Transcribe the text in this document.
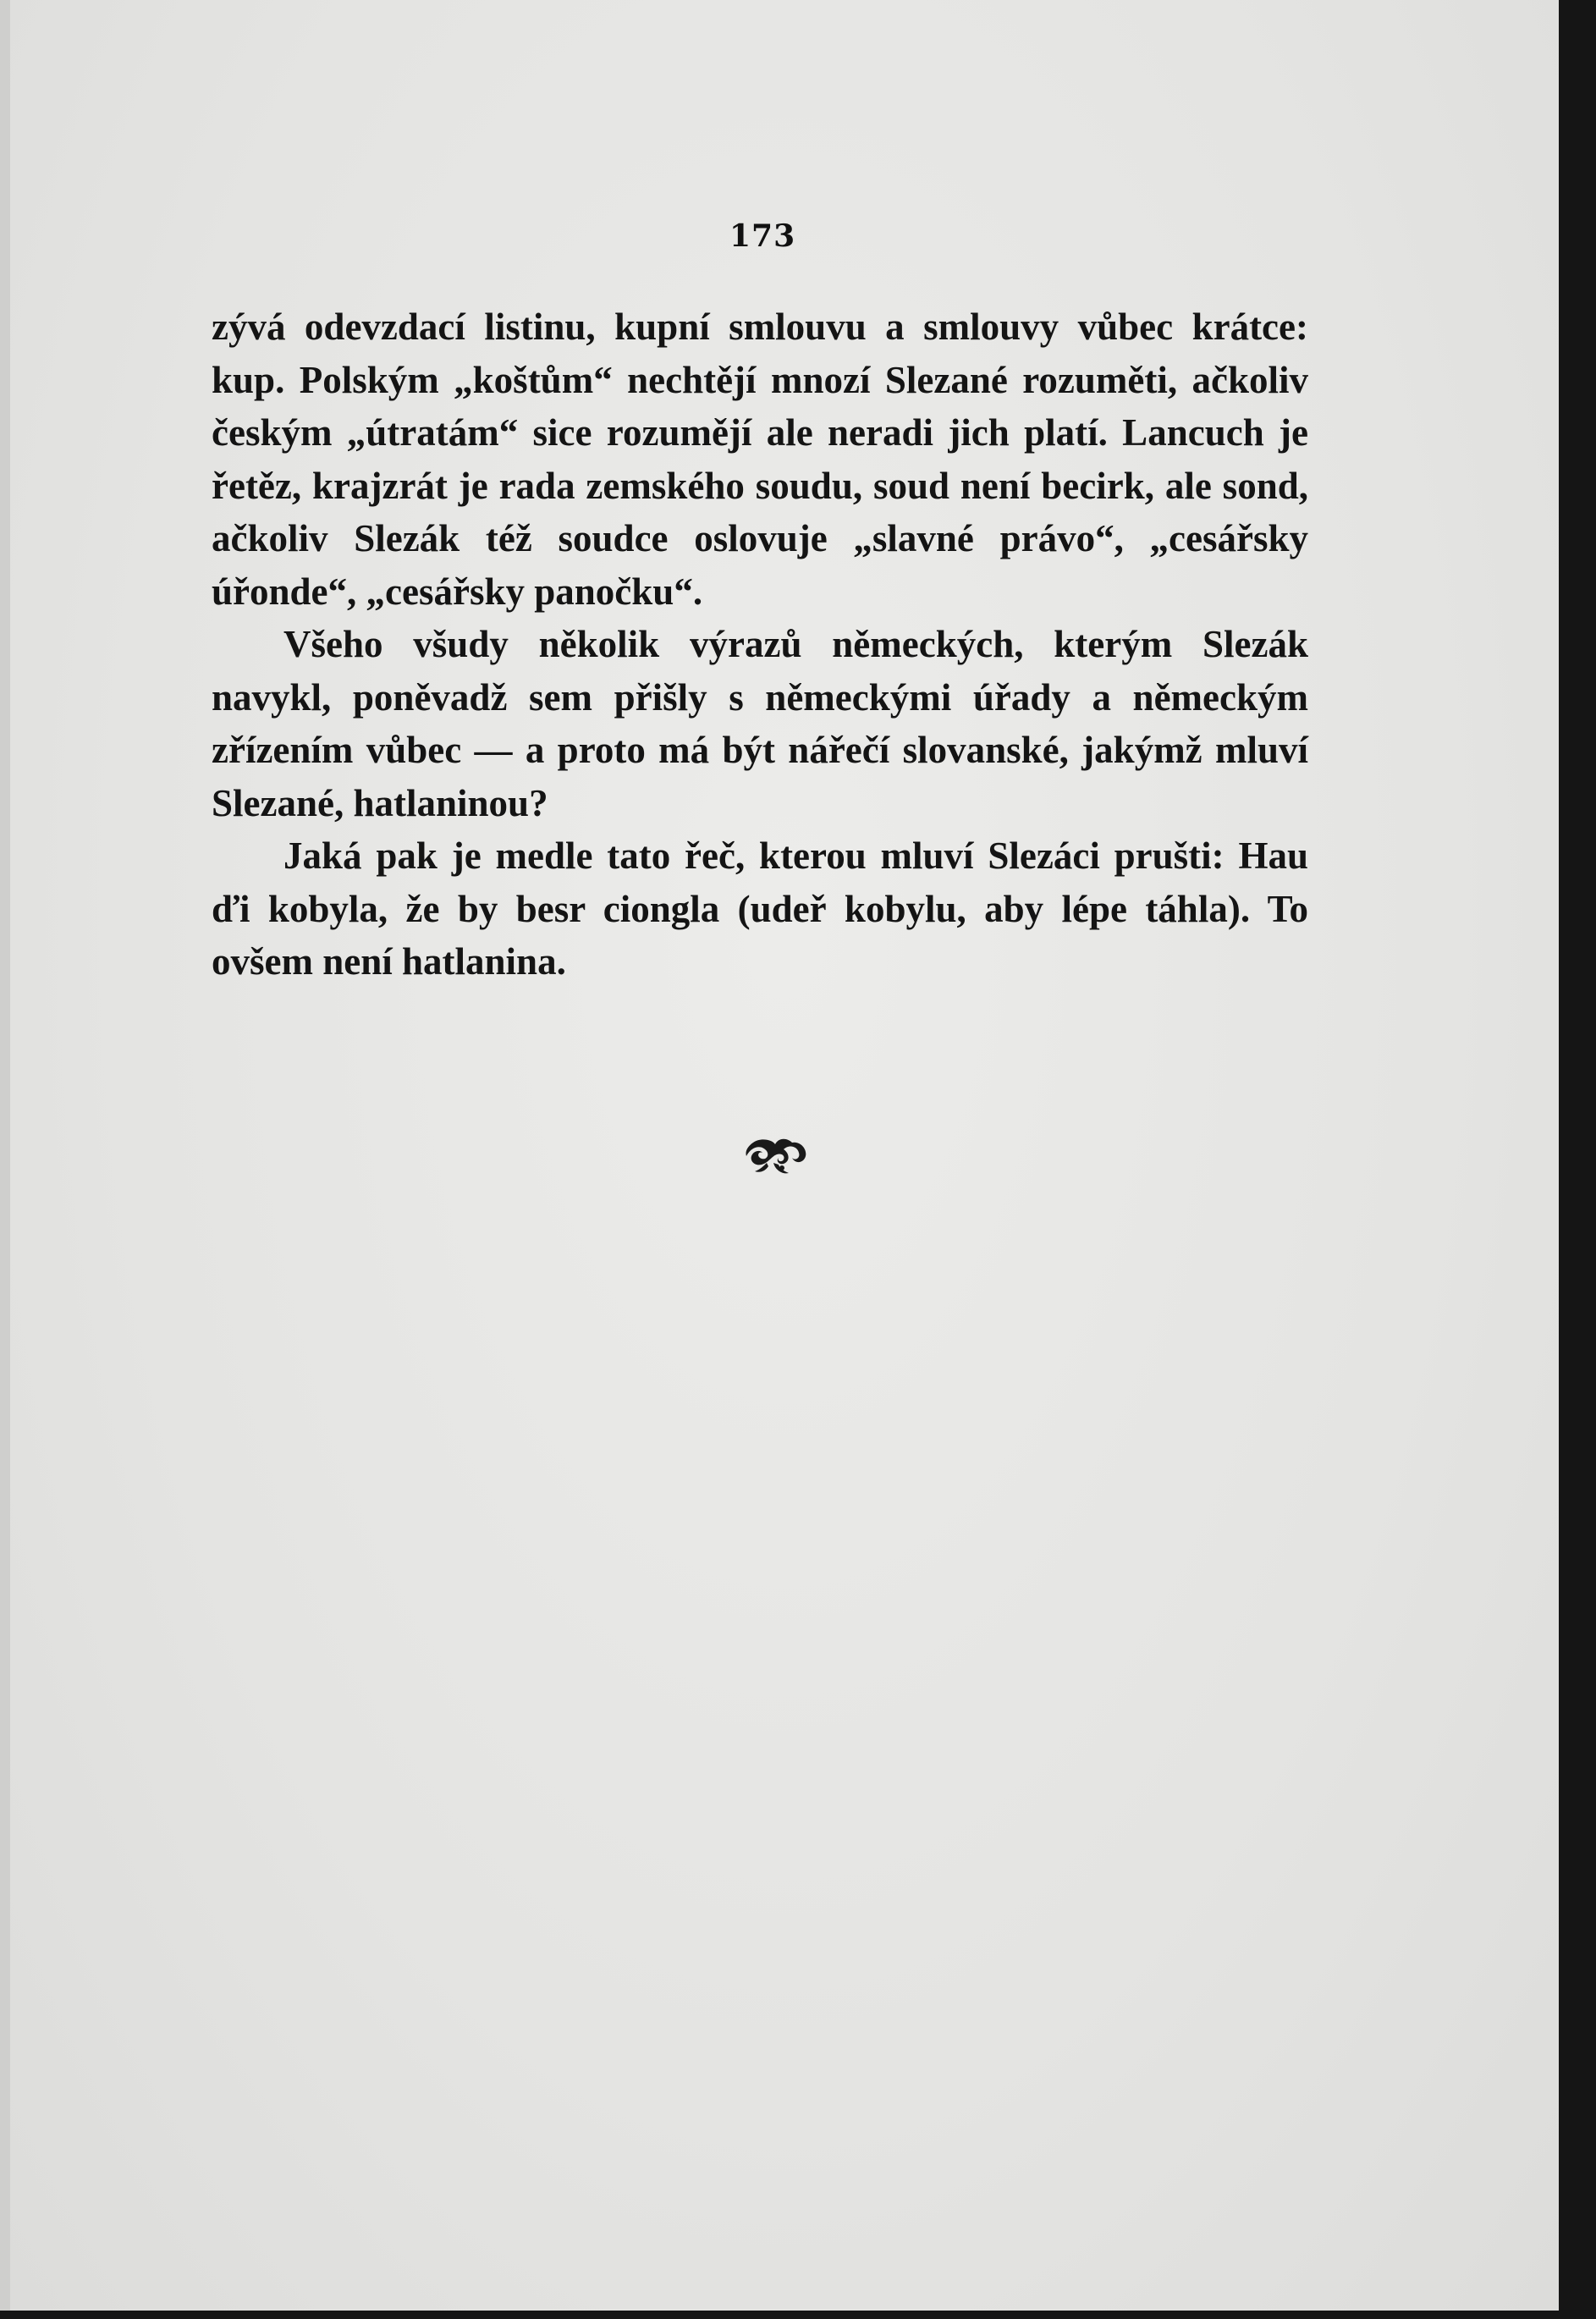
173

zývá odevzdací listinu, kupní smlouvu a smlouvy vůbec krátce: kup. Polským „koštům“ nechtějí mnozí Slezané rozuměti, ačkoliv českým „útratám“ sice rozumějí ale neradi jich platí. Lancuch je řetěz, krajzrát je rada zemského soudu, soud není becirk, ale sond, ačkoliv Slezák též soudce oslovuje „slavné právo“, „cesářsky úřonde“, „cesářsky panočku“.

Všeho všudy několik výrazů německých, kterým Slezák navykl, poněvadž sem přišly s německými úřady a německým zřízením vůbec — a proto má být nářečí slovanské, jakýmž mluví Slezané, hatlaninou?

Jaká pak je medle tato řeč, kterou mluví Slezáci prušti: Hau ďi kobyla, že by besr ciongla (udeř kobylu, aby lépe táhla). To ovšem není hatlanina.
